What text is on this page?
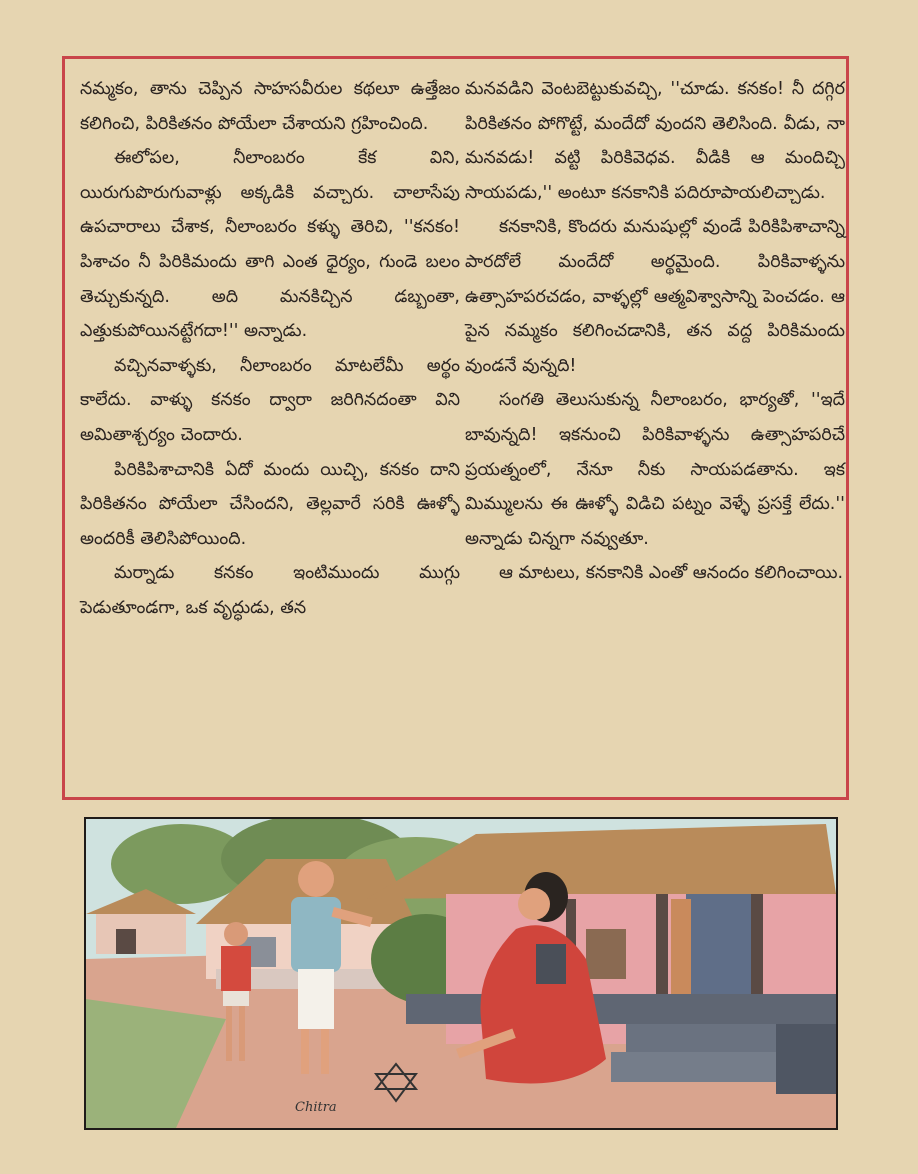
నమ్మకం, తాను చెప్పిన సాహసవీరుల కథలూ ఉత్తేజం కలిగించి, పిరికితనం పోయేలా చేశాయని గ్రహించింది.

ఈలోపల, నీలాంబరం కేక విని, యిరుగుపొరుగువాళ్లు అక్కడికి వచ్చారు. చాలాసేపు ఉపచారాలు చేశాక, నీలాంబరం కళ్ళు తెరిచి, ''కనకం! పిశాచం నీ పిరికిమందు తాగి ఎంత ధైర్యం, గుండె బలం తెచ్చుకున్నది. అది మనకిచ్చిన డబ్బంతా, ఎత్తుకుపోయినట్టేగదా!'' అన్నాడు.

వచ్చినవాళ్ళకు, నీలాంబరం మాటలేమీ అర్థం కాలేదు. వాళ్ళు కనకం ద్వారా జరిగినదంతా విని అమితాశ్చర్యం చెందారు.

పిరికిపిశాచానికి ఏదో మందు యిచ్చి, కనకం దాని పిరికితనం పోయేలా చేసిందని, తెల్లవారే సరికి ఊళ్ళో అందరికీ తెలిసిపోయింది.

మర్నాడు కనకం ఇంటిముందు ముగ్గు పెడుతూండగా, ఒక వృద్ధుడు, తన

మనవడిని వెంటబెట్టుకువచ్చి, ''చూడు. కనకం! నీ దగ్గిర పిరికితనం పోగొట్టే, మందేదో వుందని తెలిసింది. వీడు, నా మనవడు! వట్టి పిరికివెధవ. వీడికి ఆ మందిచ్చి సాయపడు,'' అంటూ కనకానికి పదిరూపాయలిచ్చాడు.

కనకానికి, కొందరు మనుషుల్లో వుండే పిరికిపిశాచాన్ని పారదోలే మందేదో అర్థమైంది. పిరికివాళ్ళను ఉత్సాహపరచడం, వాళ్ళల్లో ఆత్మవిశ్వాసాన్ని పెంచడం. ఆ పైన నమ్మకం కలిగించడానికి, తన వద్ద పిరికిమందు వుండనే వున్నది!

సంగతి తెలుసుకున్న నీలాంబరం, భార్యతో, ''ఇదే బావున్నది! ఇకనుంచి పిరికివాళ్ళను ఉత్సాహపరిచే ప్రయత్నంలో, నేనూ నీకు సాయపడతాను. ఇక మిమ్ములను ఈ ఊళ్ళో విడిచి పట్నం వెళ్ళే ప్రసక్తే లేదు.'' అన్నాడు చిన్నగా నవ్వుతూ.

ఆ మాటలు, కనకానికి ఎంతో ఆనందం కలిగించాయి.

Chitra
